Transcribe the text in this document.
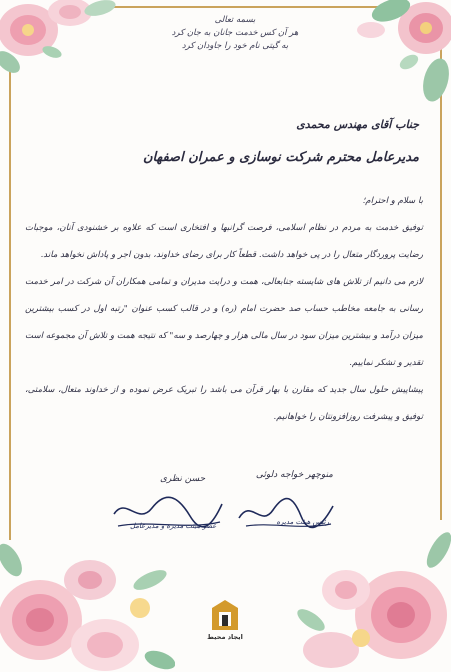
بسمه تعالی
هر آن کس خدمت جانان به جان کرد
به گیتی نام خود را جاودان کرد
جناب آقای مهندس محمدی
مدیرعامل محترم شرکت نوسازی و عمران اصفهان

با سلام و احترام؛

توفیق خدمت به مردم در نظام اسلامی، فرصت گرانبها و افتخاری است که علاوه بر خشنودی آنان، موجبات رضایت پروردگار متعال را در پی خواهد داشت. قطعاً کار برای رضای خداوند، بدون اجر و پاداش نخواهد ماند.

لازم می دانیم از تلاش های شایسته جنابعالی، همت و درایت مدیران و تمامی همکاران آن شرکت در امر خدمت رسانی به جامعه مخاطب حساب صد حضرت امام (ره) و در قالب کسب عنوان "رتبه اول در کسب بیشترین میزان درآمد و بیشترین میزان سود در سال مالی هزار و چهارصد و سه" که نتیجه همت و تلاش آن مجموعه است تقدیر و تشکر نماییم.

پیشاپیش حلول سال جدید که مقارن با بهار قرآن می باشد را تبریک عرض نموده و از خداوند متعال، سلامتی، توفیق و پیشرفت روزافزونتان را خواهانیم.

منوچهر خواجه دلوئی
حسن نظری
رئیس هیئت مدیره
عضو هیئت مدیره و مدیرعامل
ایجاد محیط
